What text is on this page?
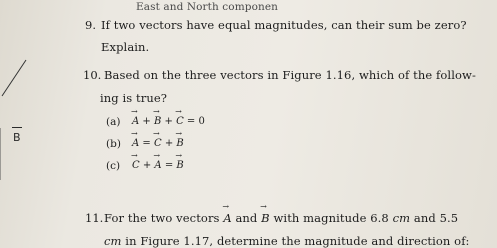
B
East and North componen
9. If two vectors have equal magnitudes, can their sum be zero?
Explain.
10. Based on the three vectors in Figure 1.16, which of the follow-
ing is true?
(a) → A + → B + → C = 0
(b) → A = → C + → B
(c) → C + → A = → B
11. For the two vectors → A and → B with magnitude 6.8 cm and 5.5
cm in Figure 1.17, determine the magnitude and direction of:
